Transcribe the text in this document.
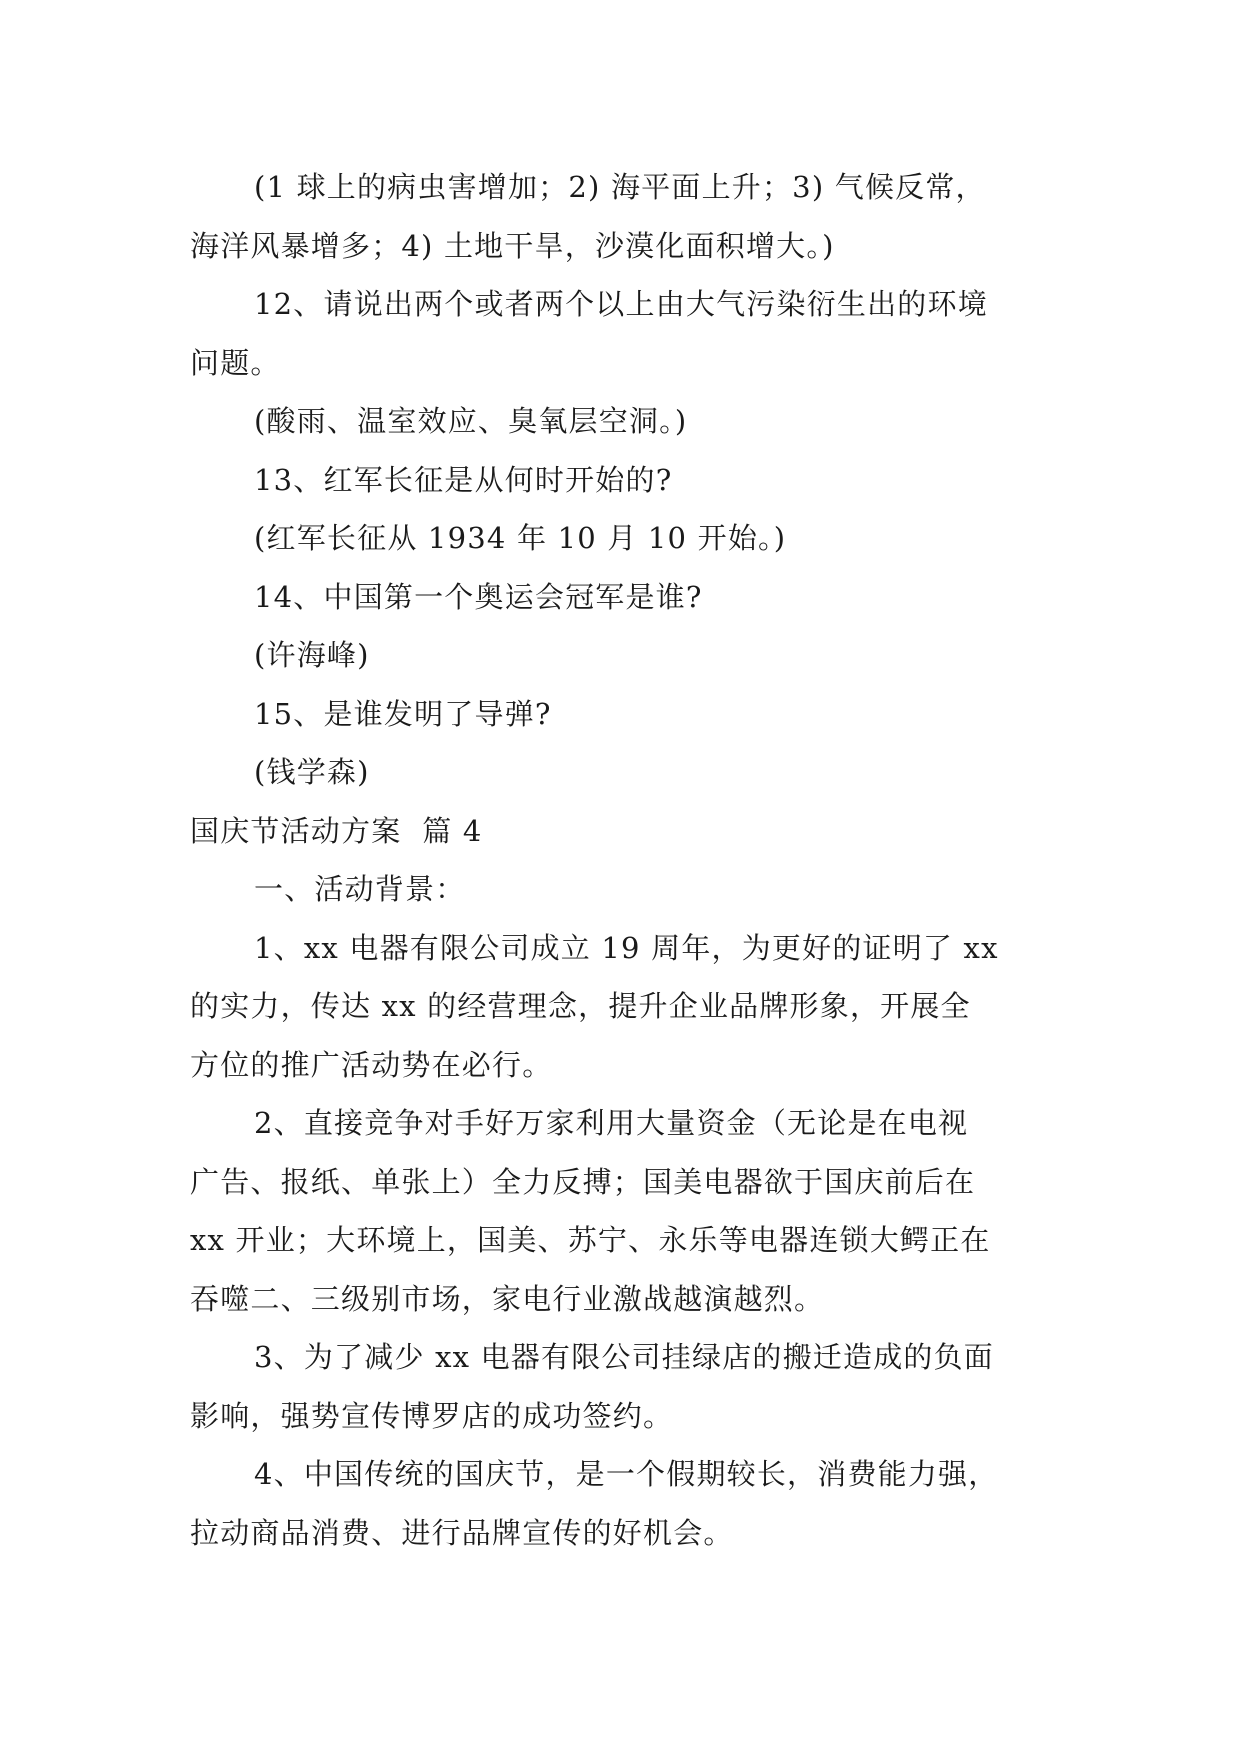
(1 球上的病虫害增加；2) 海平面上升；3) 气候反常，
海洋风暴增多；4) 土地干旱，沙漠化面积增大。)
12、请说出两个或者两个以上由大气污染衍生出的环境
问题。
(酸雨、温室效应、臭氧层空洞。)
13、红军长征是从何时开始的?
(红军长征从 1934 年 10 月 10 开始。)
14、中国第一个奥运会冠军是谁?
(许海峰)
15、是谁发明了导弹?
(钱学森)
国庆节活动方案  篇 4
一、活动背景：
1、xx 电器有限公司成立 19 周年，为更好的证明了 xx
的实力，传达 xx 的经营理念，提升企业品牌形象，开展全
方位的推广活动势在必行。
2、直接竞争对手好万家利用大量资金（无论是在电视
广告、报纸、单张上）全力反搏；国美电器欲于国庆前后在
xx 开业；大环境上，国美、苏宁、永乐等电器连锁大鳄正在
吞噬二、三级别市场，家电行业激战越演越烈。
3、为了减少 xx 电器有限公司挂绿店的搬迁造成的负面
影响，强势宣传博罗店的成功签约。
4、中国传统的国庆节，是一个假期较长，消费能力强，
拉动商品消费、进行品牌宣传的好机会。
